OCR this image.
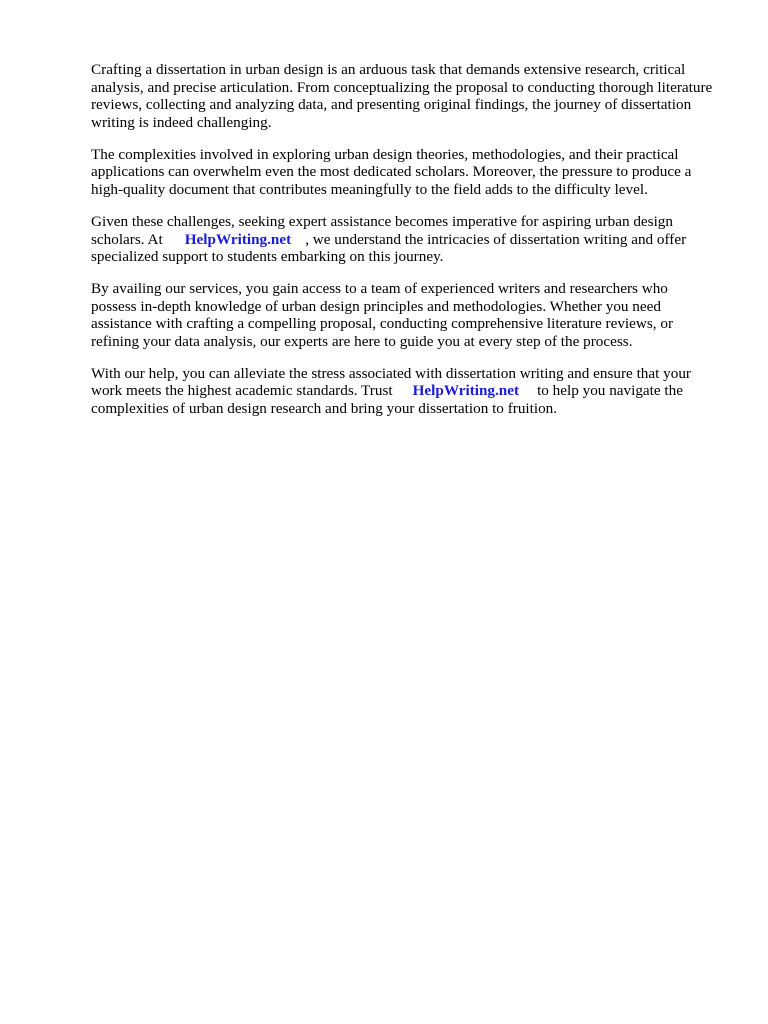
Crafting a dissertation in urban design is an arduous task that demands extensive research, critical analysis, and precise articulation. From conceptualizing the proposal to conducting thorough literature reviews, collecting and analyzing data, and presenting original findings, the journey of dissertation writing is indeed challenging.

The complexities involved in exploring urban design theories, methodologies, and their practical applications can overwhelm even the most dedicated scholars. Moreover, the pressure to produce a high-quality document that contributes meaningfully to the field adds to the difficulty level.

Given these challenges, seeking expert assistance becomes imperative for aspiring urban design scholars. At HelpWriting.net , we understand the intricacies of dissertation writing and offer specialized support to students embarking on this journey.

By availing our services, you gain access to a team of experienced writers and researchers who possess in-depth knowledge of urban design principles and methodologies. Whether you need assistance with crafting a compelling proposal, conducting comprehensive literature reviews, or refining your data analysis, our experts are here to guide you at every step of the process.

With our help, you can alleviate the stress associated with dissertation writing and ensure that your work meets the highest academic standards. Trust HelpWriting.net to help you navigate the complexities of urban design research and bring your dissertation to fruition.
